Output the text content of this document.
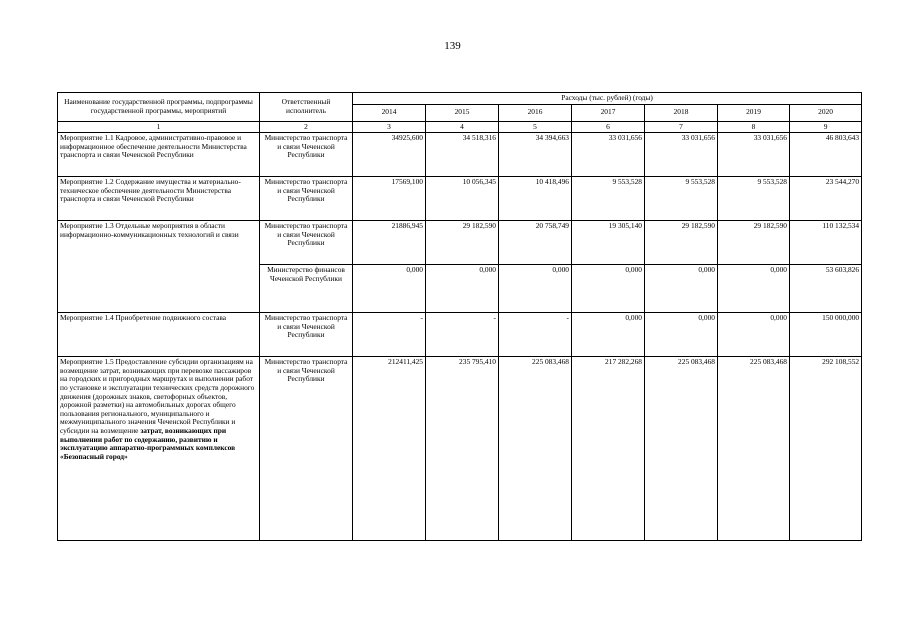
139
Наименование государственной программы, подпрограммы государственной программы, мероприятий	Ответственный исполнитель	Расходы (тыс. рублей) (годы)						
		2014	2015	2016	2017	2018	2019	2020
1	2	3	4	5	6	7	8	9
Мероприятие 1.1 Кадровое, административно-правовое и информационное обеспечение деятельности Министерства транспорта и связи Чеченской Республики	Министерство транспорта и связи Чеченской Республики	34925,600	34 518,316	34 394,663	33 031,656	33 031,656	33 031,656	46 803,643
Мероприятие 1.2 Содержание имущества и материально-техническое обеспечение деятельности Министерства транспорта и связи Чеченской Республики	Министерство транспорта и связи Чеченской Республики	17569,100	10 056,345	10 418,496	9 553,528	9 553,528	9 553,528	23 544,270
Мероприятие 1.3 Отдельные мероприятия в области информационно-коммуникационных технологий и связи	Министерство транспорта и связи Чеченской Республики	21886,945	29 182,590	20 758,749	19 305,140	29 182,590	29 182,590	110 132,534
	Министерство финансов Чеченской Республики	0,000	0,000	0,000	0,000	0,000	0,000	53 603,826
Мероприятие 1.4 Приобретение подвижного состава	Министерство транспорта и связи Чеченской Республики	-	-	-	0,000	0,000	0,000	150 000,000
Мероприятие 1.5 Предоставление субсидии организациям на возмещение затрат, возникающих при перевозке пассажиров на городских и пригородных маршрутах и выполнении работ по установке и эксплуатации технических средств дорожного движения (дорожных знаков, светофорных объектов, дорожной разметки) на автомобильных дорогах общего пользования регионального, муниципального и межмуниципального значения Чеченской Республики и субсидии на возмещение затрат, возникающих при выполнении работ по содержанию, развитию и эксплуатацию аппаратно-программных комплексов «Безопасный город»	Министерство транспорта и связи Чеченской Республики	212411,425	235 795,410	225 083,468	217 282,268	225 083,468	225 083,468	292 108,552
